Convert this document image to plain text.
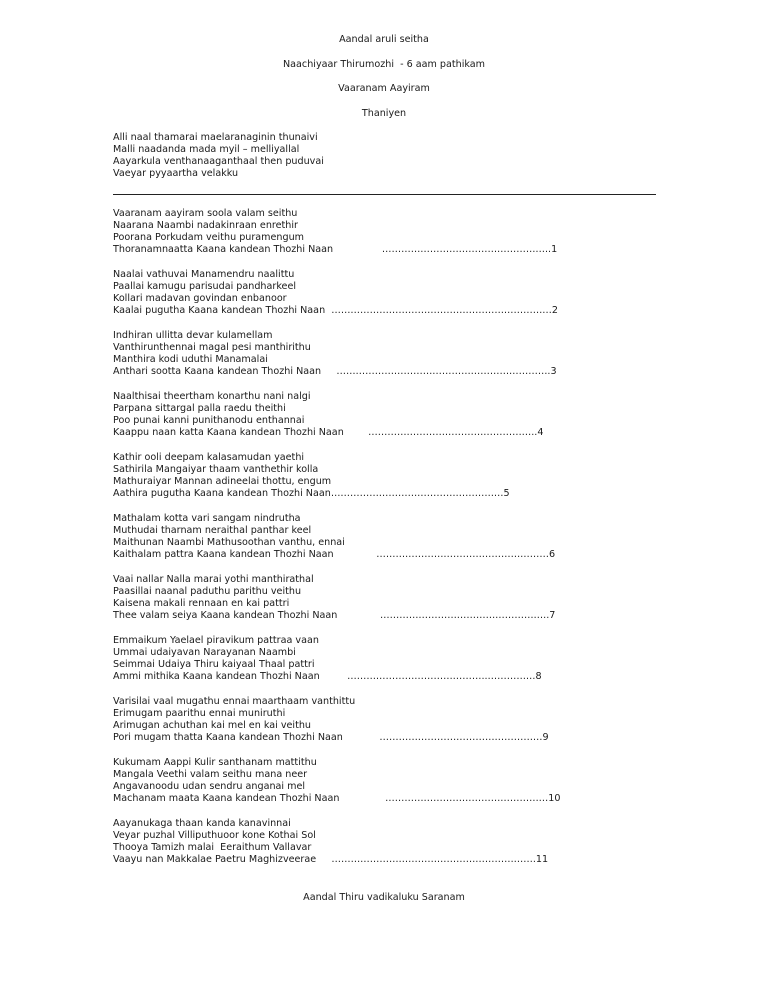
Aandal aruli seitha
Naachiyaar Thirumozhi  - 6 aam pathikam
Vaaranam Aayiram
Thaniyen
Alli naal thamarai maelaranaginin thunaivi
Malli naadanda mada myil – melliyallal
Aayarkula venthanaaganthaal then puduvai
Vaeyar pyyaartha velakku
Vaaranam aayiram soola valam seithu
Naarana Naambi nadakinraan enrethir
Poorana Porkudam veithu puramengum
Thoranamnaatta Kaana kandean Thozhi Naan                ……………………………………………..1
Naalai vathuvai Manamendru naalittu
Paallai kamugu parisudai pandharkeel
Kollari madavan govindan enbanoor
Kaalai pugutha Kaana kandean Thozhi Naan  ……………………………………………………………2
Indhiran ullitta devar kulamellam
Vanthirunthennai magal pesi manthirithu
Manthira kodi uduthi Manamalai
Anthari sootta Kaana kandean Thozhi Naan     ………………………………………………………….3
Naalthisai theertham konarthu nani nalgi
Parpana sittargal palla raedu theithi
Poo punai kanni punithanodu enthannai
Kaappu naan katta Kaana kandean Thozhi Naan        ……………………………………………..4
Kathir ooli deepam kalasamudan yaethi
Sathirila Mangaiyar thaam vanthethir kolla
Mathuraiyar Mannan adineelai thottu, engum
Aathira pugutha Kaana kandean Thozhi Naan………………………………………………5
Mathalam kotta vari sangam nindrutha
Muthudai tharnam neraithal panthar keel
Maithunan Naambi Mathusoothan vanthu, ennai
Kaithalam pattra Kaana kandean Thozhi Naan              ………………………………………………6
Vaai nallar Nalla marai yothi manthirathal
Paasillai naanal paduthu parithu veithu
Kaisena makali rennaan en kai pattri
Thee valam seiya Kaana kandean Thozhi Naan              ……………………………………………..7
Emmaikum Yaelael piravikum pattraa vaan
Ummai udaiyavan Narayanan Naambi
Seimmai Udaiya Thiru kaiyaal Thaal pattri
Ammi mithika Kaana kandean Thozhi Naan         ……………………………………..……………8
Varisilai vaal mugathu ennai maarthaam vanthittu
Erimugam paarithu ennai muniruthi
Arimugan achuthan kai mel en kai veithu
Pori mugam thatta Kaana kandean Thozhi Naan            ……………………………………………9
Kukumam Aappi Kulir santhanam mattithu
Mangala Veethi valam seithu mana neer
Angavanoodu udan sendru anganai mel
Machanam maata Kaana kandean Thozhi Naan               ……………………………………………10
Aayanukaga thaan kanda kanavinnai
Veyar puzhal Villiputhuoor kone Kothai Sol
Thooya Tamizh malai  Eeraithum Vallavar
Vaayu nan Makkalae Paetru Maghizveerae     ……………………………………………………….11
Aandal Thiru vadikaluku Saranam
